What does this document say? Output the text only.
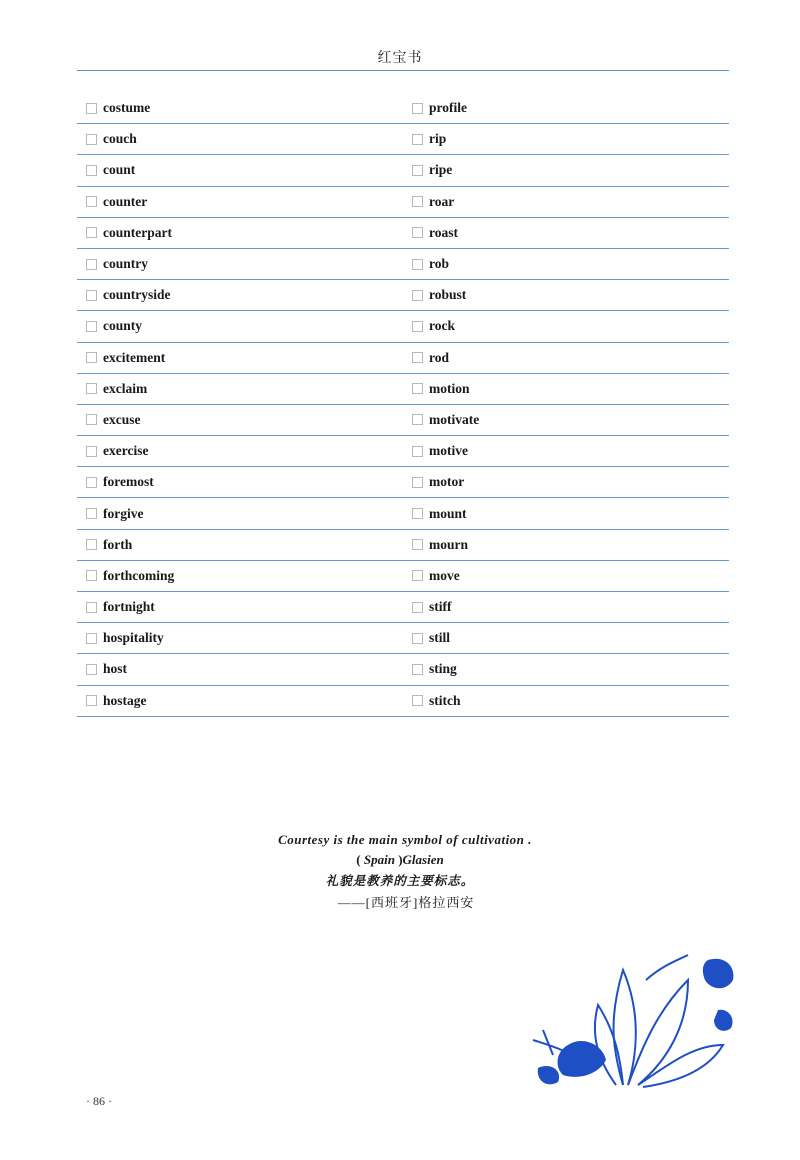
红宝书
costume	profile
couch	rip
count	ripe
counter	roar
counterpart	roast
country	rob
countryside	robust
county	rock
excitement	rod
exclaim	motion
excuse	motivate
exercise	motive
foremost	motor
forgive	mount
forth	mourn
forthcoming	move
fortnight	stiff
hospitality	still
host	sting
hostage	stitch
Courtesy is the main symbol of cultivation .
( Spain )Glasien
礼貌是教养的主要标志。
——[西班牙]格拉西安
· 86 ·
